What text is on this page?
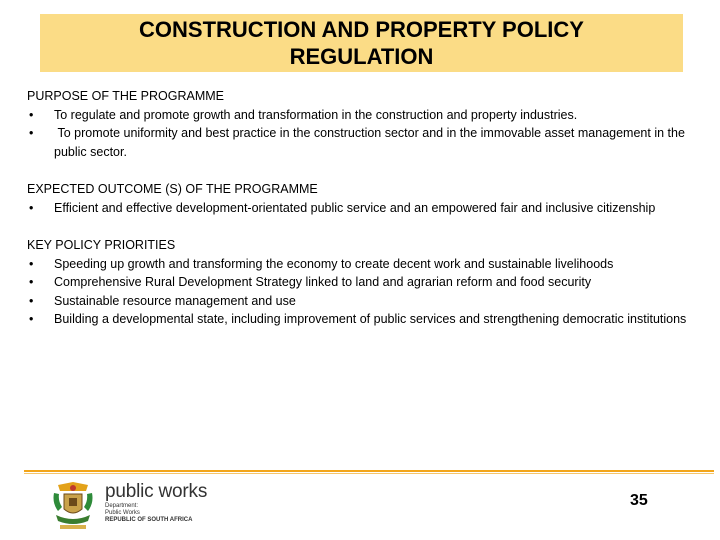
CONSTRUCTION AND PROPERTY POLICY
REGULATION
PURPOSE OF THE PROGRAMME
• To regulate and promote growth and transformation in the construction and property industries.
• To promote uniformity and best practice in the construction sector and in the immovable asset management in the public sector.
EXPECTED OUTCOME (S) OF THE PROGRAMME
• Efficient and effective development-orientated public service and an empowered fair and inclusive citizenship
KEY POLICY PRIORITIES
• Speeding up growth and transforming the economy to create decent work and sustainable livelihoods
• Comprehensive Rural Development Strategy linked to land and agrarian reform and food security
• Sustainable resource management and use
• Building a developmental state, including improvement of public services and strengthening democratic institutions
public works
Department:
Public Works
REPUBLIC OF SOUTH AFRICA
35
